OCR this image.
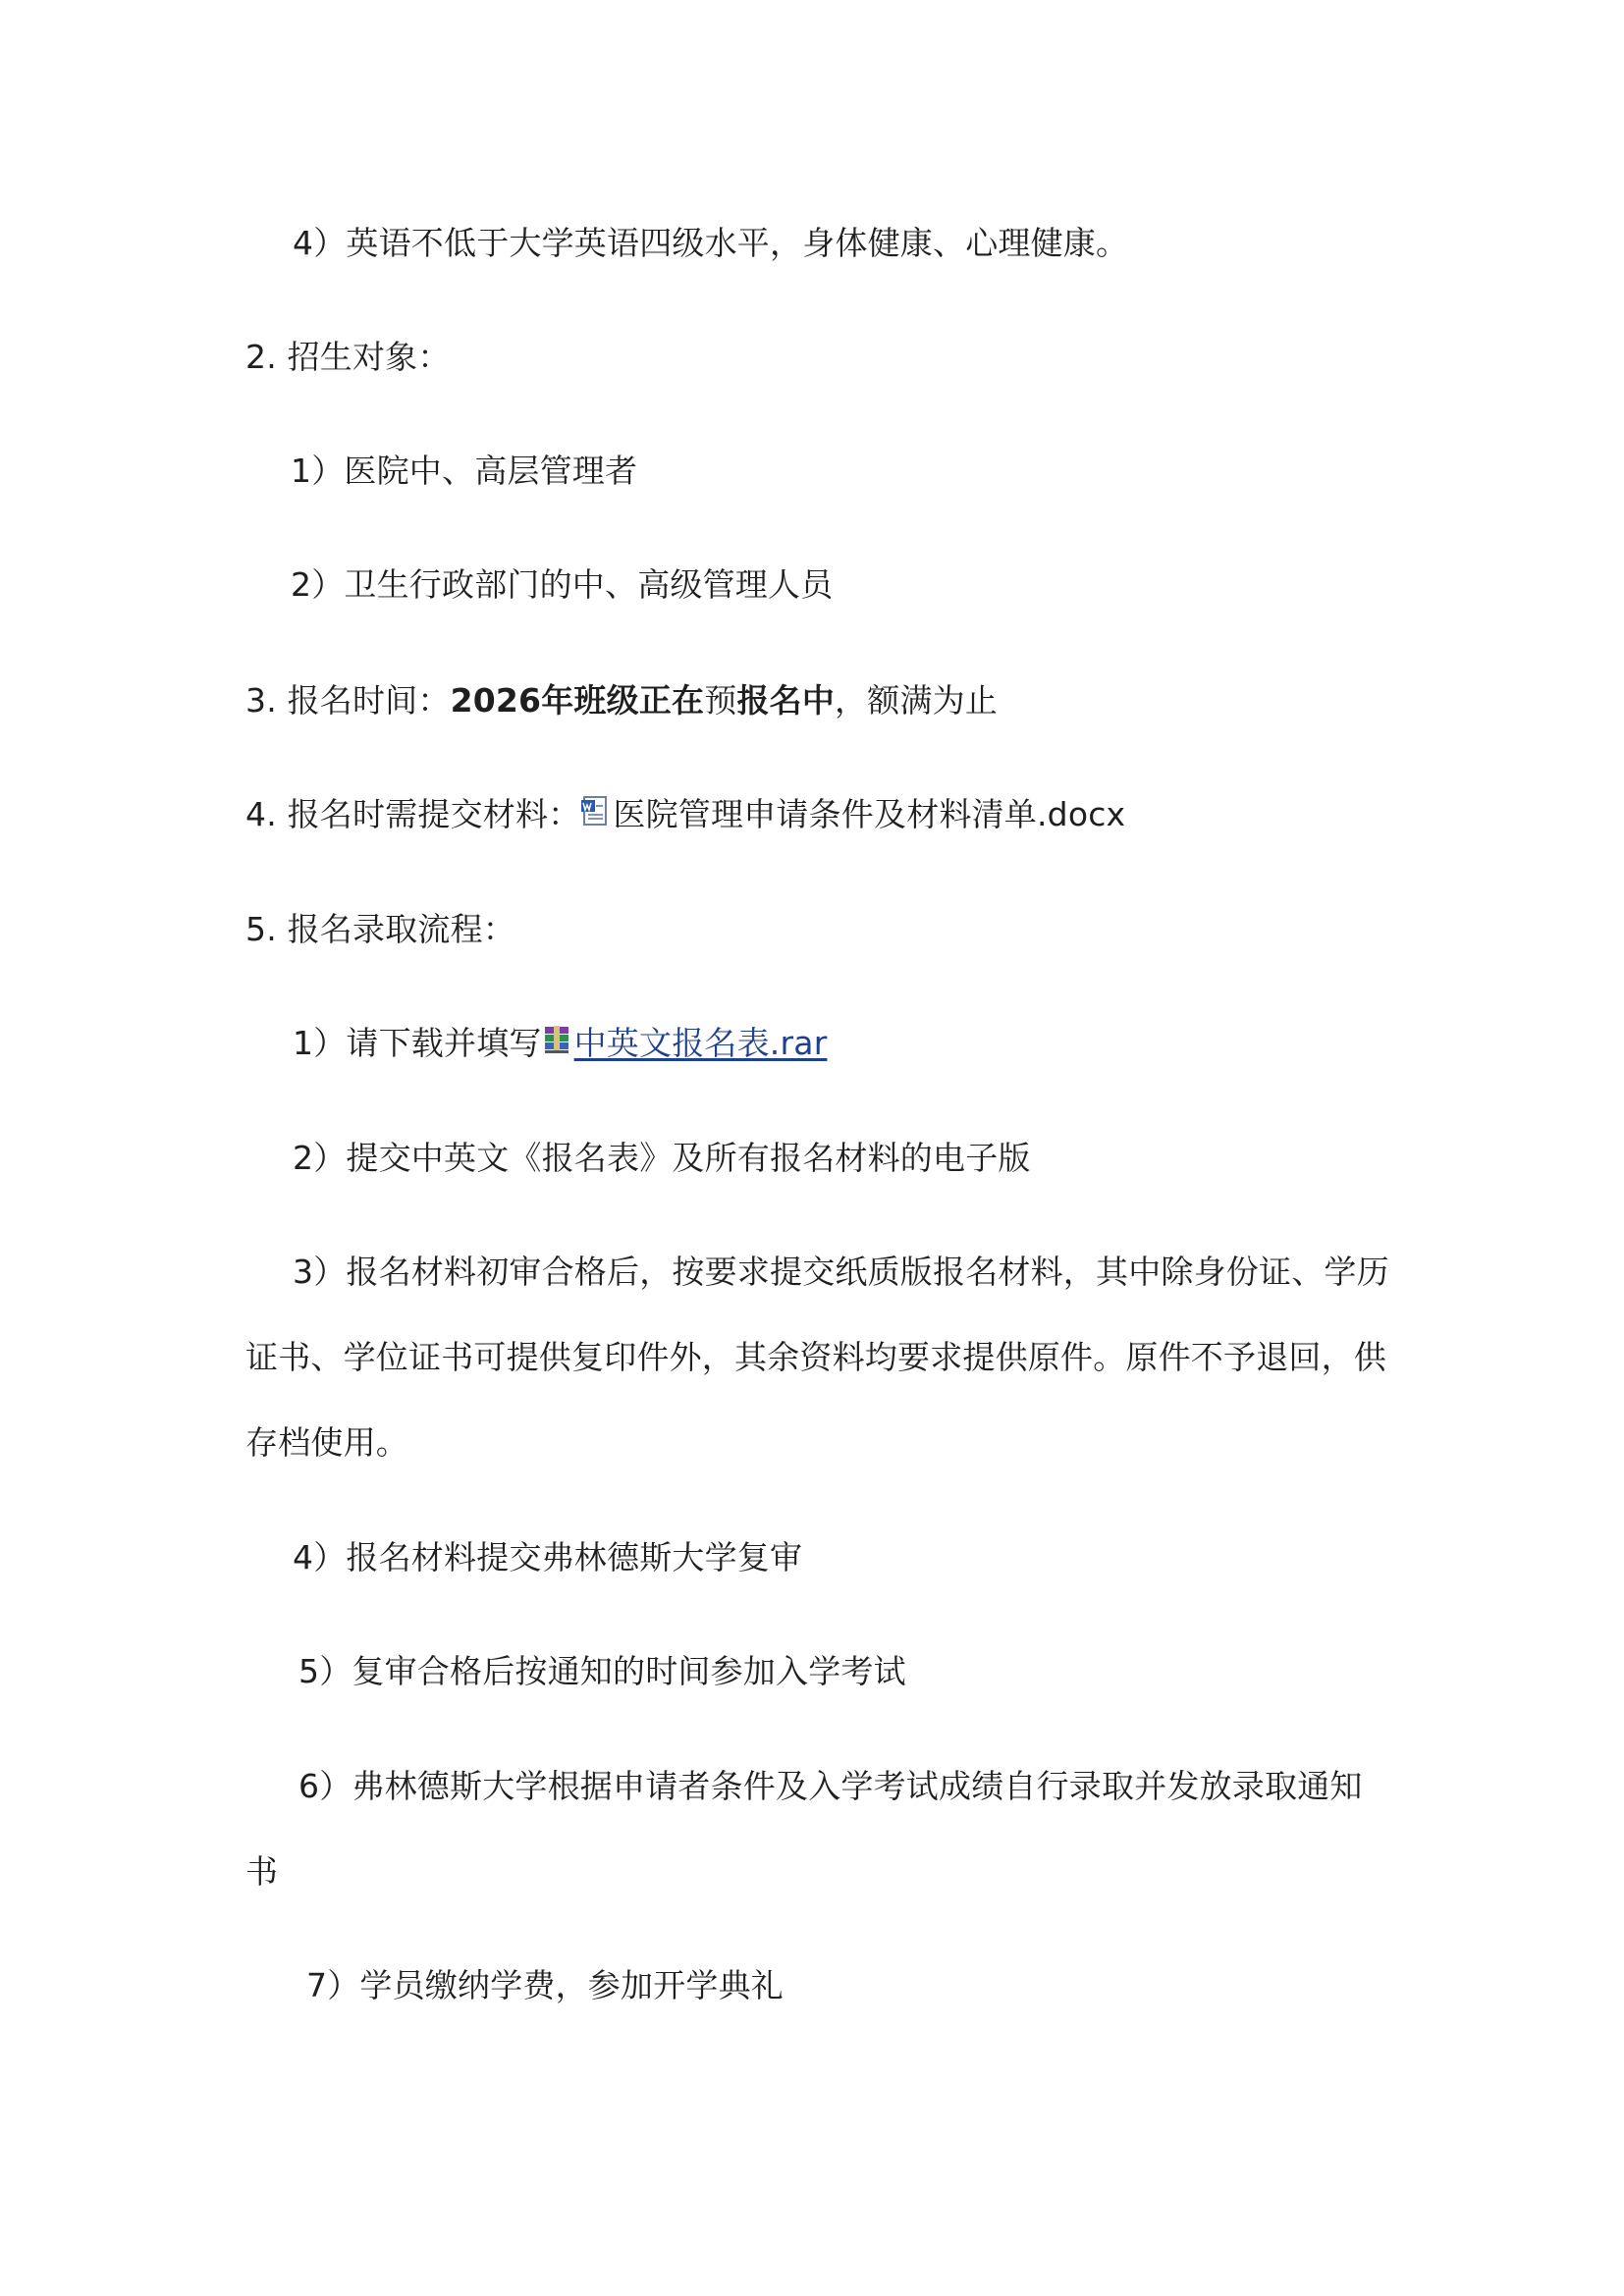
4）英语不低于大学英语四级水平，身体健康、心理健康。
2. 招生对象：
1）医院中、高层管理者
2）卫生行政部门的中、高级管理人员
3. 报名时间：2026年班级正在预报名中，额满为止
4. 报名时需提交材料： 医院管理申请条件及材料清单.docx
5. 报名录取流程：
1）请下载并填写 中英文报名表.rar
2）提交中英文《报名表》及所有报名材料的电子版
3）报名材料初审合格后，按要求提交纸质版报名材料，其中除身份证、学历
证书、学位证书可提供复印件外，其余资料均要求提供原件。原件不予退回，供
存档使用。
4）报名材料提交弗林德斯大学复审
5）复审合格后按通知的时间参加入学考试
6）弗林德斯大学根据申请者条件及入学考试成绩自行录取并发放录取通知
书
7）学员缴纳学费，参加开学典礼
